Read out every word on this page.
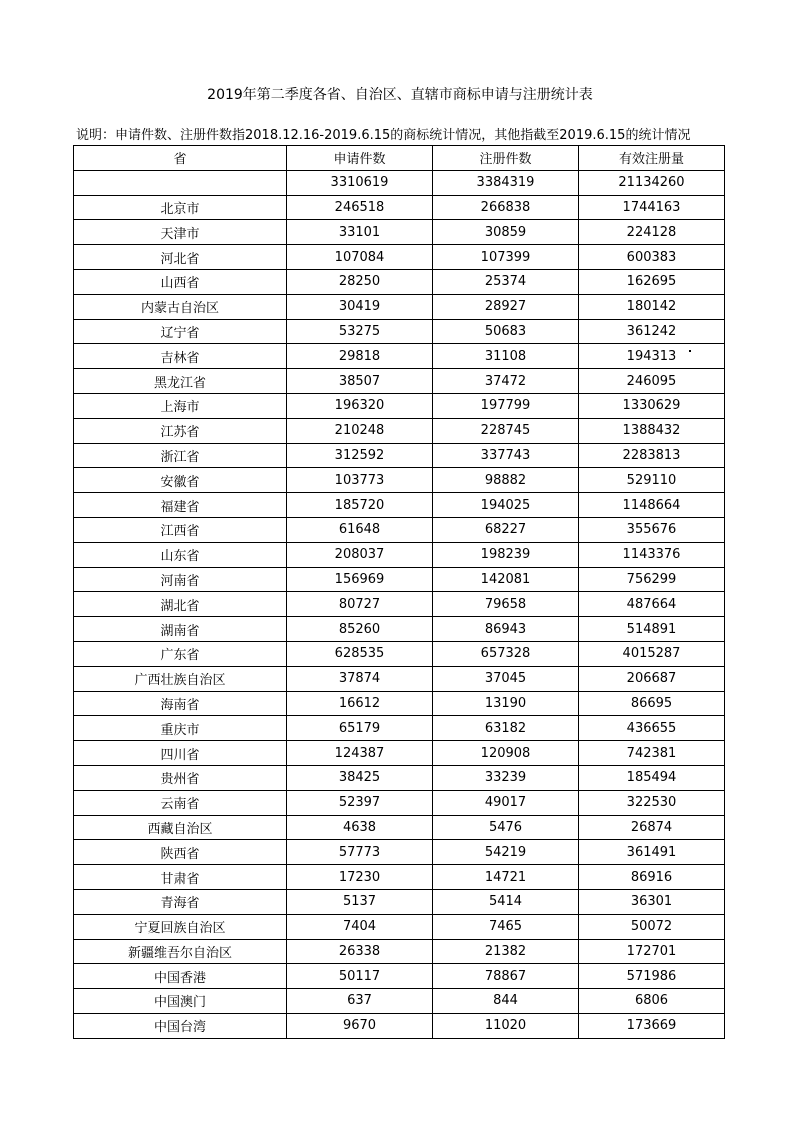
2019年第二季度各省、自治区、直辖市商标申请与注册统计表
说明：申请件数、注册件数指2018.12.16-2019.6.15的商标统计情况，其他指截至2019.6.15的统计情况
省	申请件数	注册件数	有效注册量
	3310619	3384319	21134260
北京市	246518	266838	1744163
天津市	33101	30859	224128
河北省	107084	107399	600383
山西省	28250	25374	162695
内蒙古自治区	30419	28927	180142
辽宁省	53275	50683	361242
吉林省	29818	31108	194313
黑龙江省	38507	37472	246095
上海市	196320	197799	1330629
江苏省	210248	228745	1388432
浙江省	312592	337743	2283813
安徽省	103773	98882	529110
福建省	185720	194025	1148664
江西省	61648	68227	355676
山东省	208037	198239	1143376
河南省	156969	142081	756299
湖北省	80727	79658	487664
湖南省	85260	86943	514891
广东省	628535	657328	4015287
广西壮族自治区	37874	37045	206687
海南省	16612	13190	86695
重庆市	65179	63182	436655
四川省	124387	120908	742381
贵州省	38425	33239	185494
云南省	52397	49017	322530
西藏自治区	4638	5476	26874
陕西省	57773	54219	361491
甘肃省	17230	14721	86916
青海省	5137	5414	36301
宁夏回族自治区	7404	7465	50072
新疆维吾尔自治区	26338	21382	172701
中国香港	50117	78867	571986
中国澳门	637	844	6806
中国台湾	9670	11020	173669
